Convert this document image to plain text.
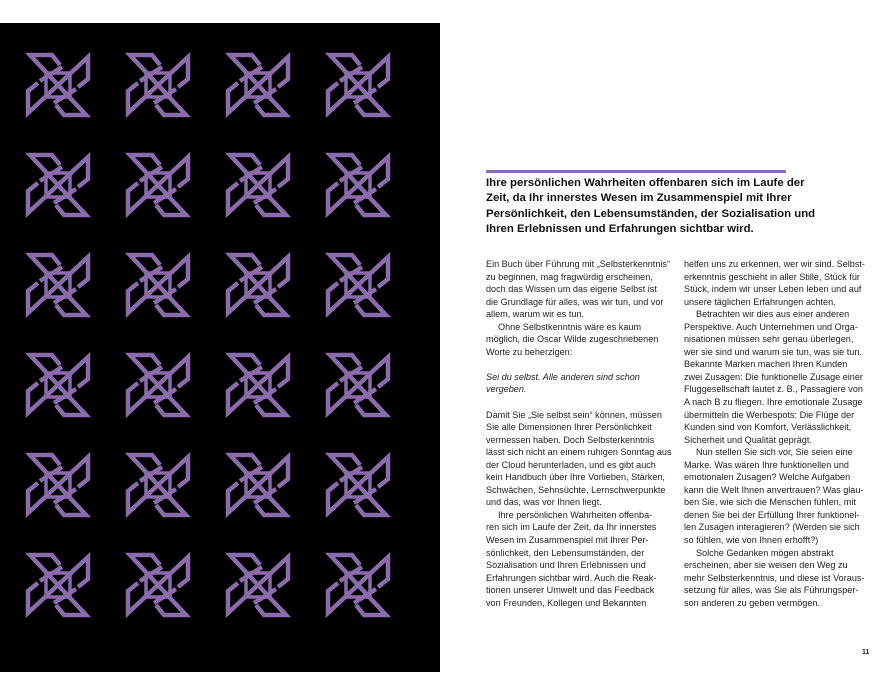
Ihre persönlichen Wahrheiten offenbaren sich im Laufe der
Zeit, da Ihr innerstes Wesen im Zusammenspiel mit Ihrer
Persönlichkeit, den Lebensumständen, der Sozialisation und
Ihren Erlebnissen und Erfahrungen sichtbar wird.

Ein Buch über Führung mit „Selbsterkenntnis“

zu beginnen, mag fragwürdig erscheinen,

doch das Wissen um das eigene Selbst ist

die Grundlage für alles, was wir tun, und vor

allem, warum wir es tun.

Ohne Selbstkenntnis wäre es kaum

möglich, die Oscar Wilde zugeschriebenen

Worte zu beherzigen:

Sei du selbst. Alle anderen sind schon

vergeben.

Damit Sie „Sie selbst sein“ können, müssen

Sie alle Dimensionen Ihrer Persönlichkeit

vermessen haben. Doch Selbsterkenntnis

lässt sich nicht an einem ruhigen Sonntag aus

der Cloud herunterladen, und es gibt auch

kein Handbuch über Ihre Vorlieben, Stärken,

Schwächen, Sehnsüchte, Lernschwerpunkte

und das, was vor Ihnen liegt.

Ihre persönlichen Wahrheiten offenba-

ren sich im Laufe der Zeit, da Ihr innerstes

Wesen im Zusammenspiel mit Ihrer Per-

sönlichkeit, den Lebensumständen, der

Sozialisation und Ihren Erlebnissen und

Erfahrungen sichtbar wird. Auch die Reak-

tionen unserer Umwelt und das Feedback

von Freunden, Kollegen und Bekannten

helfen uns zu erkennen, wer wir sind. Selbst-

erkenntnis geschieht in aller Stille, Stück für

Stück, indem wir unser Leben leben und auf

unsere täglichen Erfahrungen achten.

Betrachten wir dies aus einer anderen

Perspektive. Auch Unternehmen und Orga-

nisationen müssen sehr genau überlegen,

wer sie sind und warum sie tun, was sie tun.

Bekannte Marken machen Ihren Kunden

zwei Zusagen: Die funktionelle Zusage einer

Fluggesellschaft lautet z. B., Passagiere von

A nach B zu fliegen. Ihre emotionale Zusage

übermitteln die Werbespots: Die Flüge der

Kunden sind von Komfort, Verlässlichkeit,

Sicherheit und Qualität geprägt.

Nun stellen Sie sich vor, Sie seien eine

Marke. Was wären Ihre funktionellen und

emotionalen Zusagen? Welche Aufgaben

kann die Welt Ihnen anvertrauen? Was glau-

ben Sie, wie sich die Menschen fühlen, mit

denen Sie bei der Erfüllung Ihrer funktionel-

len Zusagen interagieren? (Werden sie sich

so fühlen, wie von Ihnen erhofft?)

Solche Gedanken mögen abstrakt

erscheinen, aber sie weisen den Weg zu

mehr Selbsterkenntnis, und diese ist Voraus-

setzung für alles, was Sie als Führungsper-

son anderen zu geben vermögen.

11
